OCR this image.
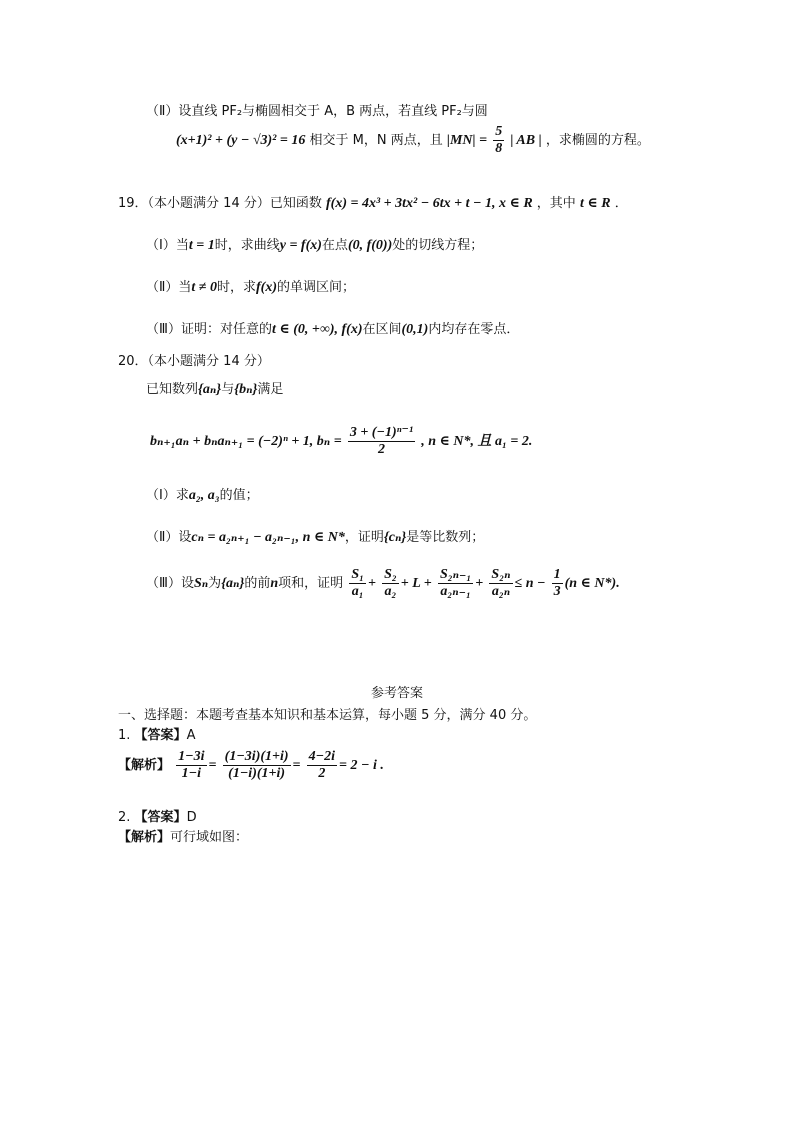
（Ⅱ）设直线 PF₂与椭圆相交于 A，B 两点，若直线 PF₂与圆
(x+1)² + (y − √3)² = 16 相交于 M，N 两点，且 $|MN| = \frac{5}{8}$ | AB | ，求椭圆的方程。
19．（本小题满分 14 分）已知函数 f(x) = 4x³ + 3tx² − 6tx + t − 1, x ∈ R ，其中 t ∈ R ．
（Ⅰ）当t = 1时，求曲线y = f(x)在点(0, f(0))处的切线方程；
（Ⅱ）当t ≠ 0时，求f(x)的单调区间；
（Ⅲ）证明：对任意的t ∈ (0, +∞), f(x)在区间(0,1)内均存在零点．
20．（本小题满分 14 分）
已知数列{aₙ}与{bₙ}满足
bₙ₊₁aₙ + bₙaₙ₊₁ = (−2)ⁿ + 1, $b_n = \frac{\text{3 + (−1)ⁿ⁻¹}}{2}$ , n ∈ N*, 且 a₁ = 2.
（Ⅰ）求a₂, a₃的值；
（Ⅱ）设cₙ = a₂ₙ₊₁ − a₂ₙ₋₁, n ∈ N*，证明{cₙ}是等比数列；
（Ⅲ）设Sₙ为{aₙ}的前n项和，证明 $\frac{\text{S₁}}{\text{a₁}} + \frac{\text{S₂}}{\text{a₂}} + L + \frac{\text{S₂ₙ₋₁}}{\text{a₂ₙ₋₁}} + \frac{\text{S₂ₙ}}{\text{a₂ₙ}} \le n - \frac{1}{3} (n$ ∈ N*).
参考答案
一、选择题：本题考查基本知识和基本运算，每小题 5 分，满分 40 分。
1. 【答案】A
【解析】 $\frac{1-3i}{1-i} = \frac{(1-3i)(1+i)}{(1-i)(1+i)} = \frac{4-2i}{2} = 2 - i$ .
2. 【答案】D
【解析】可行域如图：
